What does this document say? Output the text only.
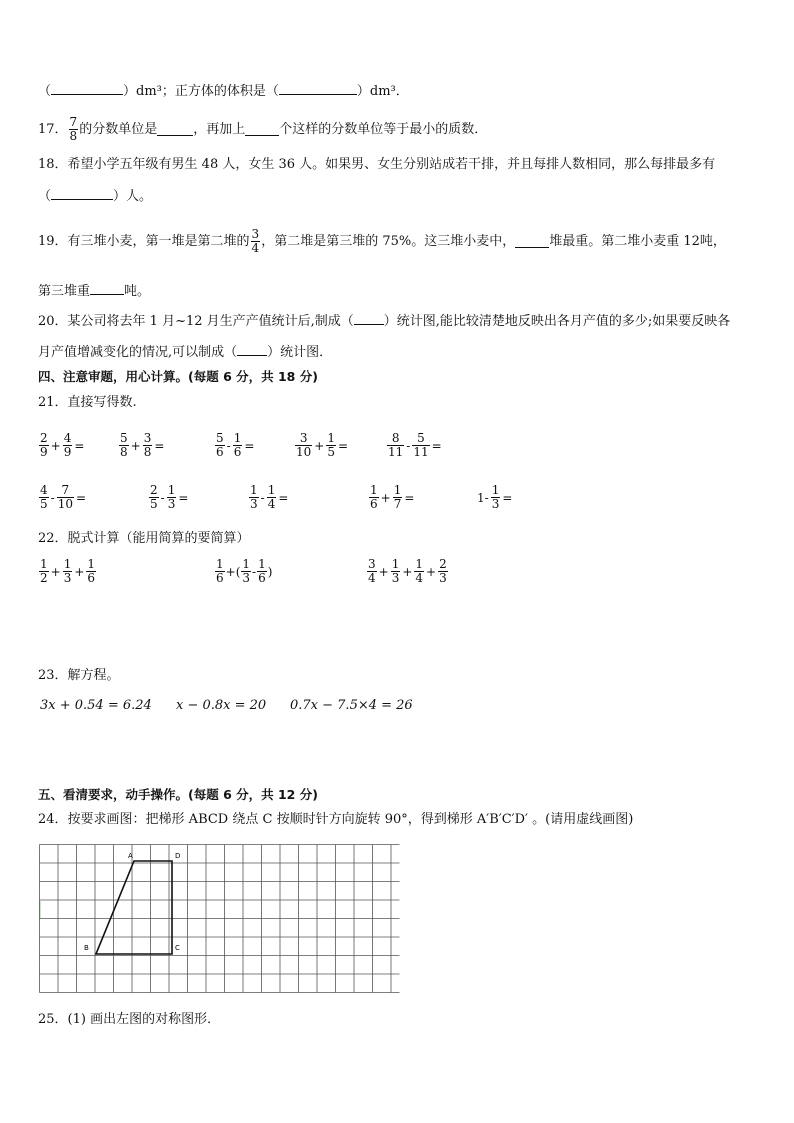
（	）dm³；正方体的体积是（	）dm³．
17． $\frac{7}{8}$ 的分数单位是	，再加上	个这样的分数单位等于最小的质数．
18．希望小学五年级有男生 48 人，女生 36 人。如果男、女生分别站成若干排，并且每排人数相同，那么每排最多有
（	）人。
19．有三堆小麦，第一堆是第二堆的 $\frac{3}{4}$ ，第二堆是第三堆的 75%。这三堆小麦中，	堆最重。第二堆小麦重 12吨，
第三堆重	吨。
20．某公司将去年 1 月~12 月生产产值统计后,制成（ ）统计图,能比较清楚地反映出各月产值的多少;如果要反映各
月产值增减变化的情况,可以制成（ ）统计图．
四、注意审题，用心计算。(每题 6 分，共 18 分)
21．直接写得数.
22．脱式计算（能用简算的要简算）
$\frac{1}{2} + \frac{1}{3} + \frac{1}{6}$	$\frac{1}{6}$ +( $\frac{1}{3} - \frac{1}{6}$ )	$\frac{3}{4} + \frac{1}{3} + \frac{1}{4} + \frac{2}{3}$
23．解方程。
3x + 0.54 = 6.24 x − 0.8x = 20 0.7x − 7.5×4 = 26
五、看清要求，动手操作。(每题 6 分，共 12 分)
24．按要求画图：把梯形 ABCD 绕点 C 按顺时针方向旋转 90°，得到梯形 A′B′C′D′ 。(请用虚线画图)
A	D
B	C
25．(1) 画出左图的对称图形．
$\frac{2}{9} + \frac{4}{9}$ =	$\frac{5}{8} + \frac{3}{8}$ =	$\frac{5}{6} - \frac{1}{6}$ =	$\frac{3}{10} + \frac{1}{5}$ =	$\frac{8}{11} - \frac{5}{11}$ =
$\frac{4}{5} - \frac{7}{10}$ =	$\frac{2}{5} - \frac{1}{3}$ =	$\frac{1}{3} - \frac{1}{4}$ =	$\frac{1}{6} + \frac{1}{7}$ =	$1- \frac{1}{3}$ =
